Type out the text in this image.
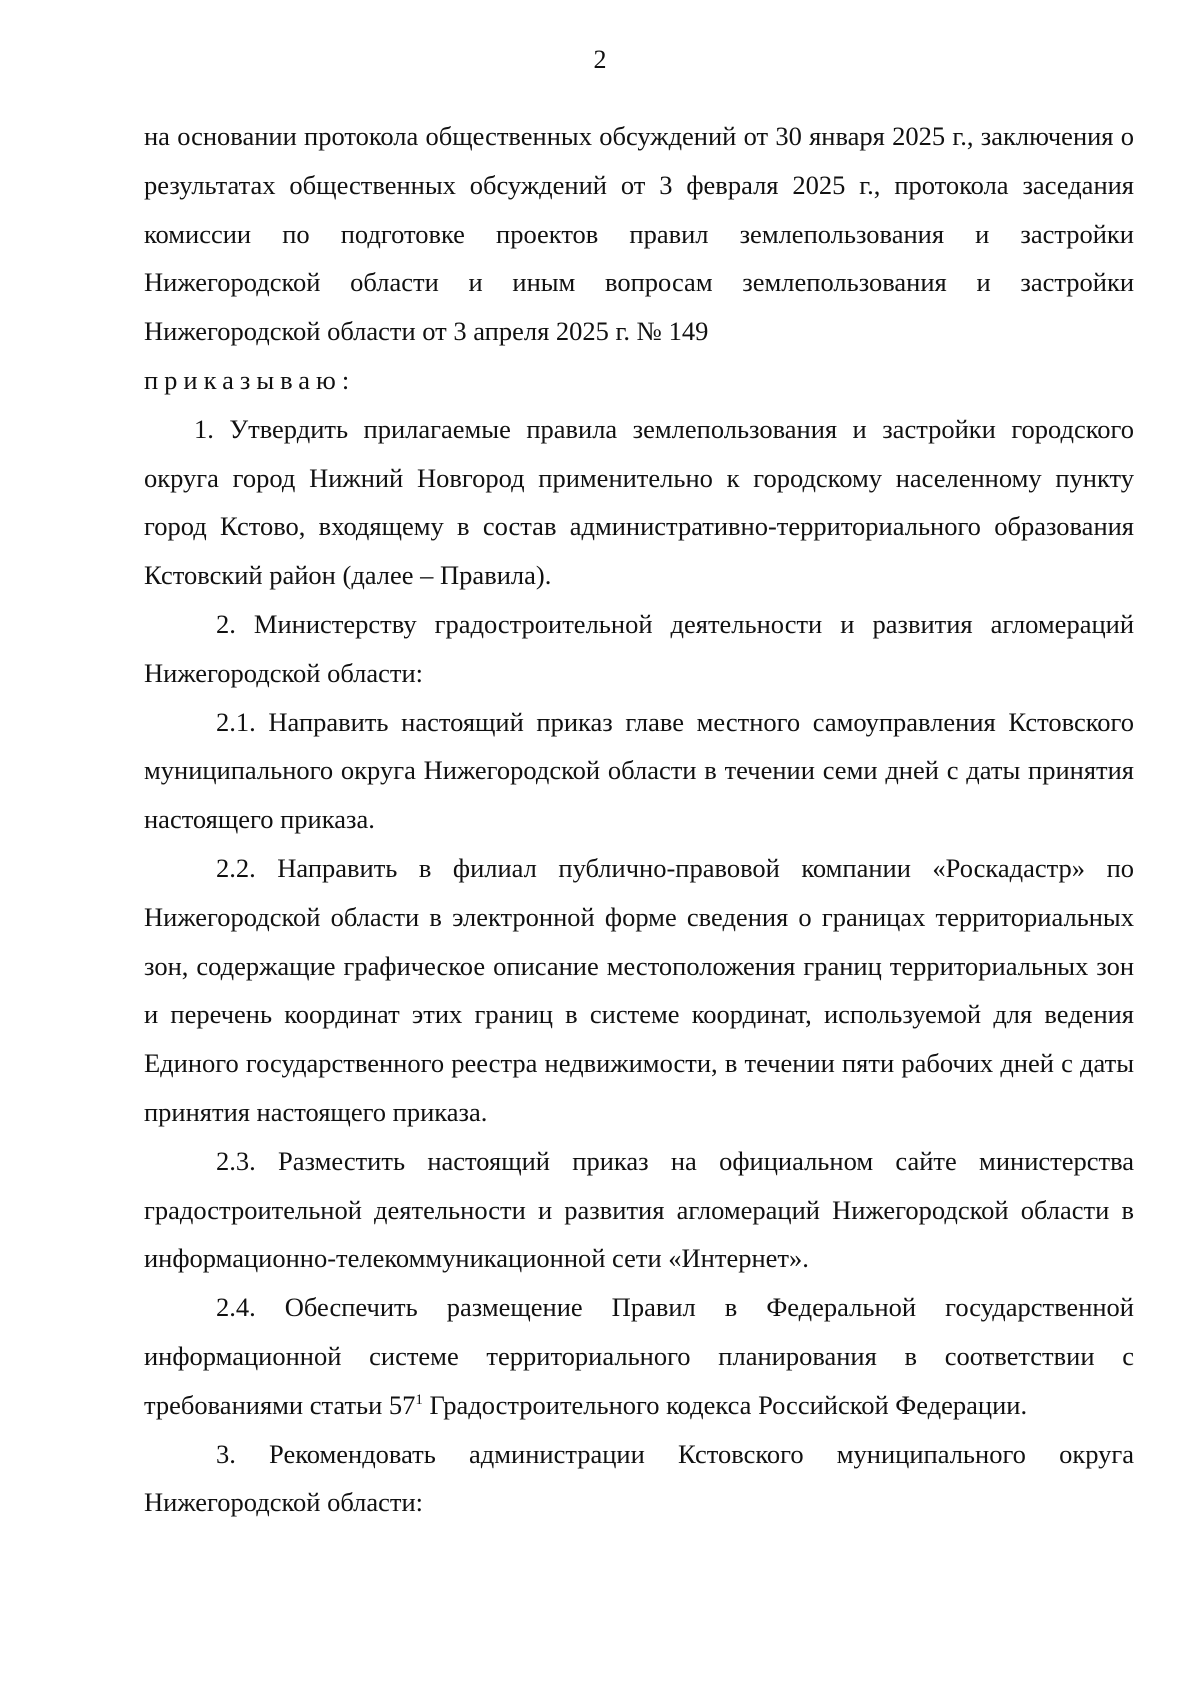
2

на основании протокола общественных обсуждений от 30 января 2025 г., заключения о результатах общественных обсуждений от 3 февраля 2025 г., протокола заседания комиссии по подготовке проектов правил землепользования и застройки Нижегородской области и иным вопросам землепользования и застройки Нижегородской области от 3 апреля 2025 г. № 149

приказываю:

1. Утвердить прилагаемые правила землепользования и застройки городского округа город Нижний Новгород применительно к городскому населенному пункту город Кстово, входящему в состав административно-территориального образования Кстовский район (далее – Правила).

2. Министерству градостроительной деятельности и развития агломераций Нижегородской области:

2.1. Направить настоящий приказ главе местного самоуправления Кстовского муниципального округа Нижегородской области в течении семи дней с даты принятия настоящего приказа.

2.2. Направить в филиал публично-правовой компании «Роскадастр» по Нижегородской области в электронной форме сведения о границах территориальных зон, содержащие графическое описание местоположения границ территориальных зон и перечень координат этих границ в системе координат, используемой для ведения Единого государственного реестра недвижимости, в течении пяти рабочих дней с даты принятия настоящего приказа.

2.3. Разместить настоящий приказ на официальном сайте министерства градостроительной деятельности и развития агломераций Нижегородской области в информационно-телекоммуникационной сети «Интернет».

2.4. Обеспечить размещение Правил в Федеральной государственной информационной системе территориального планирования в соответствии с требованиями статьи $57^1$ Градостроительного кодекса Российской Федерации.

3. Рекомендовать администрации Кстовского муниципального округа Нижегородской области:
